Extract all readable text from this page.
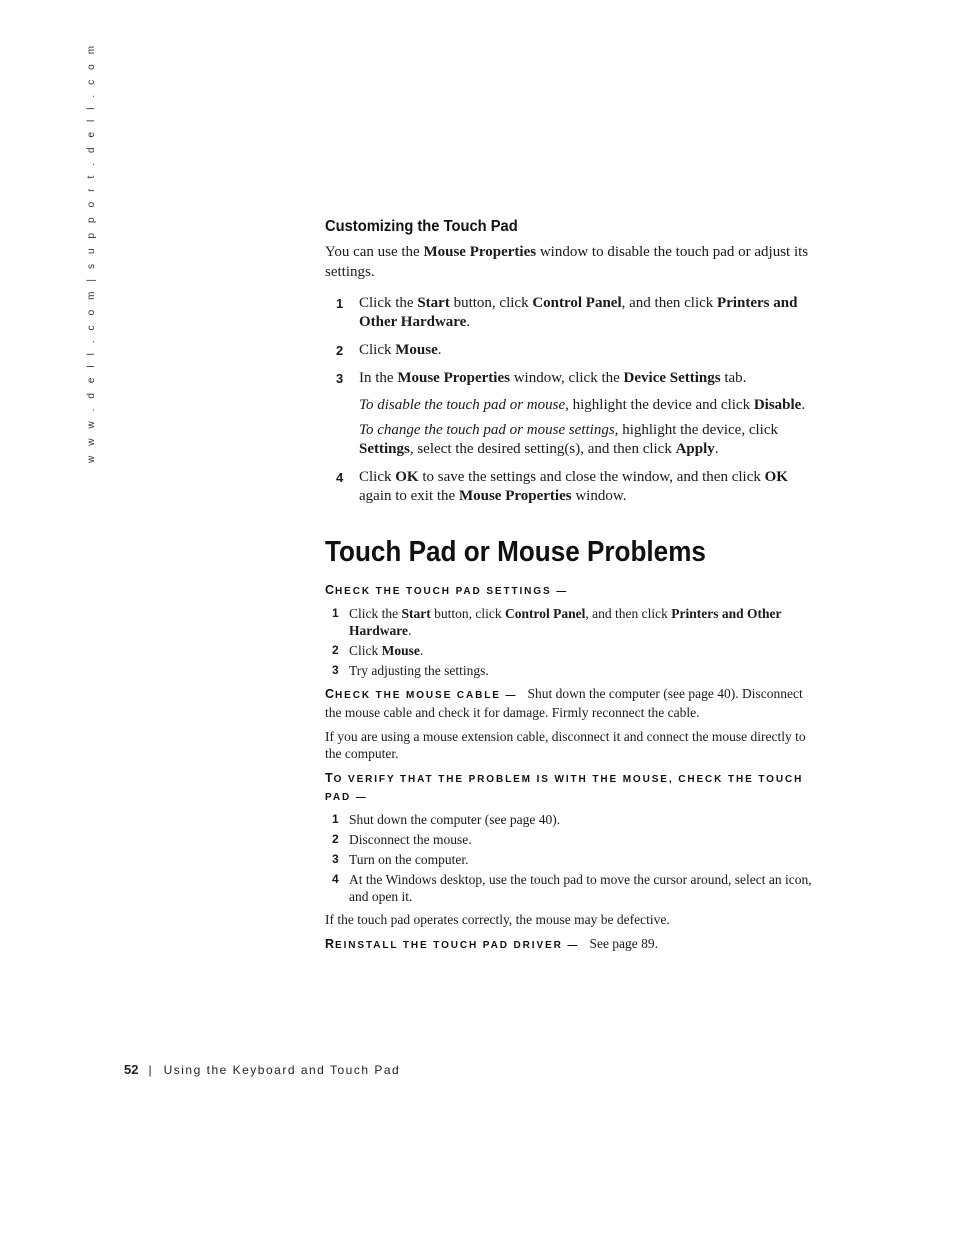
w w w . d e l l . c o m | s u p p o r t . d e l l . c o m	Customizing the Touch Pad

You can use the Mouse Properties window to disable the touch pad or adjust its settings.

1	Click the Start button, click Control Panel, and then click Printers and Other Hardware.
2	Click Mouse.
3	In the Mouse Properties window, click the Device Settings tab.

To disable the touch pad or mouse, highlight the device and click Disable.

To change the touch pad or mouse settings, highlight the device, click Settings, select the desired setting(s), and then click Apply.

4	Click OK to save the settings and close the window, and then click OK again to exit the Mouse Properties window.
Touch Pad or Mouse Problems
CHECK THE TOUCH PAD SETTINGS —
1 Click the Start button, click Control Panel, and then click Printers and Other Hardware.
2 Click Mouse.
3 Try adjusting the settings.

CHECK THE MOUSE CABLE — Shut down the computer (see page 40). Disconnect the mouse cable and check it for damage. Firmly reconnect the cable.

If you are using a mouse extension cable, disconnect it and connect the mouse directly to the computer.

TO VERIFY THAT THE PROBLEM IS WITH THE MOUSE, CHECK THE TOUCH PAD —
1 Shut down the computer (see page 40).
2 Disconnect the mouse.
3 Turn on the computer.
4 At the Windows desktop, use the touch pad to move the cursor around, select an icon, and open it.

If the touch pad operates correctly, the mouse may be defective.

REINSTALL THE TOUCH PAD DRIVER — See page 89.

52 | Using the Keyboard and Touch Pad
